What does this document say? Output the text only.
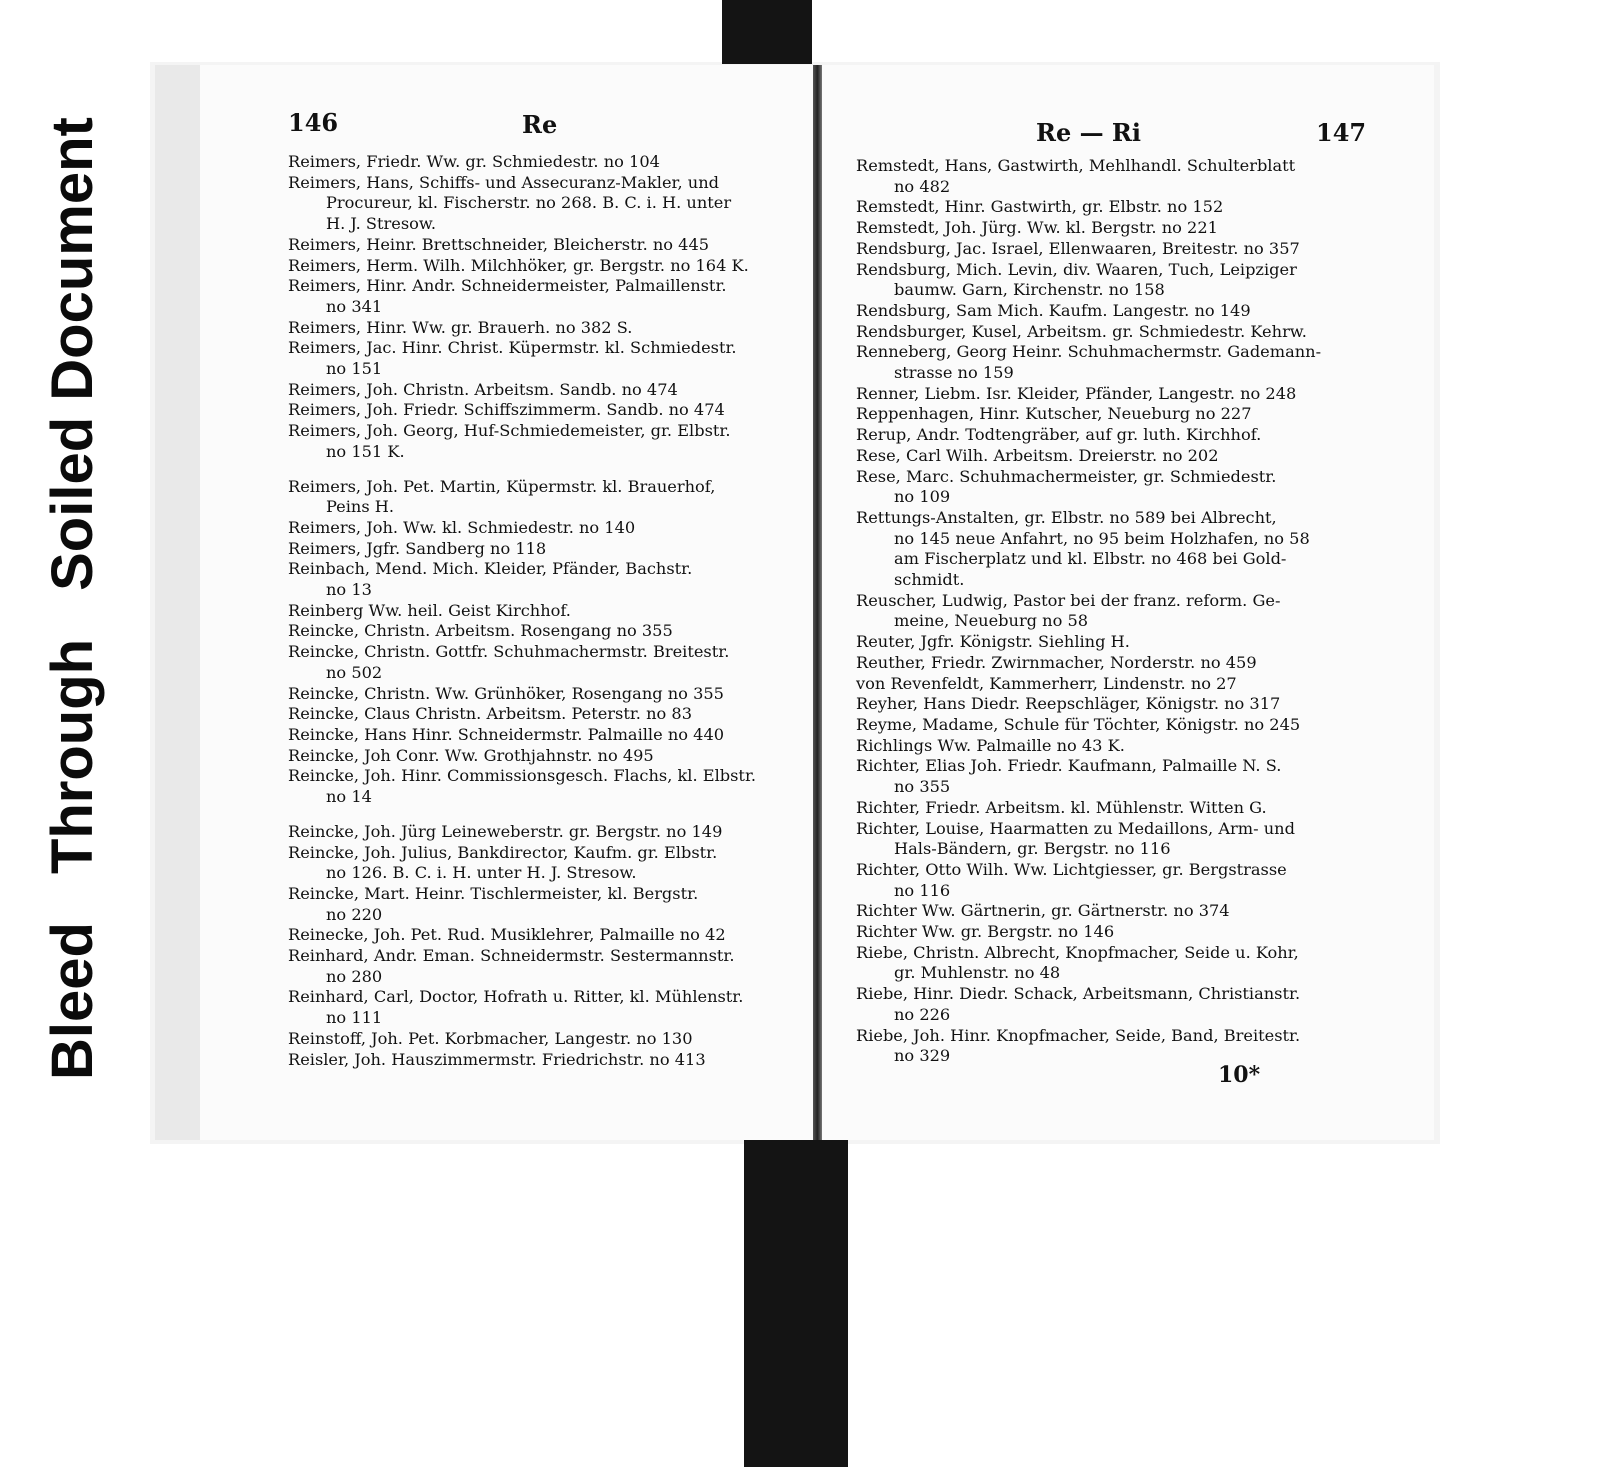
Bleed
Through
Soiled Document	146	Re	Re — Ri	147
Reimers, Friedr. Ww. gr. Schmiedestr. no 104
Reimers, Hans, Schiffs- und Assecuranz-Makler, und
Procureur, kl. Fischerstr. no 268. B. C. i. H. unter
H. J. Stresow.
Reimers, Heinr. Brettschneider, Bleicherstr. no 445
Reimers, Herm. Wilh. Milchhöker, gr. Bergstr. no 164 K.
Reimers, Hinr. Andr. Schneidermeister, Palmaillenstr.
no 341
Reimers, Hinr. Ww. gr. Brauerh. no 382 S.
Reimers, Jac. Hinr. Christ. Küpermstr. kl. Schmiedestr.
no 151
Reimers, Joh. Christn. Arbeitsm. Sandb. no 474
Reimers, Joh. Friedr. Schiffszimmerm. Sandb. no 474
Reimers, Joh. Georg, Huf-Schmiedemeister, gr. Elbstr.
no 151 K.
Reimers, Joh. Pet. Martin, Küpermstr. kl. Brauerhof,
Peins H.
Reimers, Joh. Ww. kl. Schmiedestr. no 140
Reimers, Jgfr. Sandberg no 118
Reinbach, Mend. Mich. Kleider, Pfänder, Bachstr.
no 13
Reinberg Ww. heil. Geist Kirchhof.
Reincke, Christn. Arbeitsm. Rosengang no 355
Reincke, Christn. Gottfr. Schuhmachermstr. Breitestr.
no 502
Reincke, Christn. Ww. Grünhöker, Rosengang no 355
Reincke, Claus Christn. Arbeitsm. Peterstr. no 83
Reincke, Hans Hinr. Schneidermstr. Palmaille no 440
Reincke, Joh Conr. Ww. Grothjahnstr. no 495
Reincke, Joh. Hinr. Commissionsgesch. Flachs, kl. Elbstr.
no 14
Reincke, Joh. Jürg Leineweberstr. gr. Bergstr. no 149
Reincke, Joh. Julius, Bankdirector, Kaufm. gr. Elbstr.
no 126. B. C. i. H. unter H. J. Stresow.
Reincke, Mart. Heinr. Tischlermeister, kl. Bergstr.
no 220
Reinecke, Joh. Pet. Rud. Musiklehrer, Palmaille no 42
Reinhard, Andr. Eman. Schneidermstr. Sestermannstr.
no 280
Reinhard, Carl, Doctor, Hofrath u. Ritter, kl. Mühlenstr.
no 111
Reinstoff, Joh. Pet. Korbmacher, Langestr. no 130
Reisler, Joh. Hauszimmermstr. Friedrichstr. no 413
Remstedt, Hans, Gastwirth, Mehlhandl. Schulterblatt
no 482
Remstedt, Hinr. Gastwirth, gr. Elbstr. no 152
Remstedt, Joh. Jürg. Ww. kl. Bergstr. no 221
Rendsburg, Jac. Israel, Ellenwaaren, Breitestr. no 357
Rendsburg, Mich. Levin, div. Waaren, Tuch, Leipziger
baumw. Garn, Kirchenstr. no 158
Rendsburg, Sam Mich. Kaufm. Langestr. no 149
Rendsburger, Kusel, Arbeitsm. gr. Schmiedestr. Kehrw.
Renneberg, Georg Heinr. Schuhmachermstr. Gademann-
strasse no 159
Renner, Liebm. Isr. Kleider, Pfänder, Langestr. no 248
Reppenhagen, Hinr. Kutscher, Neueburg no 227
Rerup, Andr. Todtengräber, auf gr. luth. Kirchhof.
Rese, Carl Wilh. Arbeitsm. Dreierstr. no 202
Rese, Marc. Schuhmachermeister, gr. Schmiedestr.
no 109
Rettungs-Anstalten, gr. Elbstr. no 589 bei Albrecht,
no 145 neue Anfahrt, no 95 beim Holzhafen, no 58
am Fischerplatz und kl. Elbstr. no 468 bei Gold-
schmidt.
Reuscher, Ludwig, Pastor bei der franz. reform. Ge-
meine, Neueburg no 58
Reuter, Jgfr. Königstr. Siehling H.
Reuther, Friedr. Zwirnmacher, Norderstr. no 459
von Revenfeldt, Kammerherr, Lindenstr. no 27
Reyher, Hans Diedr. Reepschläger, Königstr. no 317
Reyme, Madame, Schule für Töchter, Königstr. no 245
Richlings Ww. Palmaille no 43 K.
Richter, Elias Joh. Friedr. Kaufmann, Palmaille N. S.
no 355
Richter, Friedr. Arbeitsm. kl. Mühlenstr. Witten G.
Richter, Louise, Haarmatten zu Medaillons, Arm- und
Hals-Bändern, gr. Bergstr. no 116
Richter, Otto Wilh. Ww. Lichtgiesser, gr. Bergstrasse
no 116
Richter Ww. Gärtnerin, gr. Gärtnerstr. no 374
Richter Ww. gr. Bergstr. no 146
Riebe, Christn. Albrecht, Knopfmacher, Seide u. Kohr,
gr. Muhlenstr. no 48
Riebe, Hinr. Diedr. Schack, Arbeitsmann, Christianstr.
no 226
Riebe, Joh. Hinr. Knopfmacher, Seide, Band, Breitestr.
no 329
10*
